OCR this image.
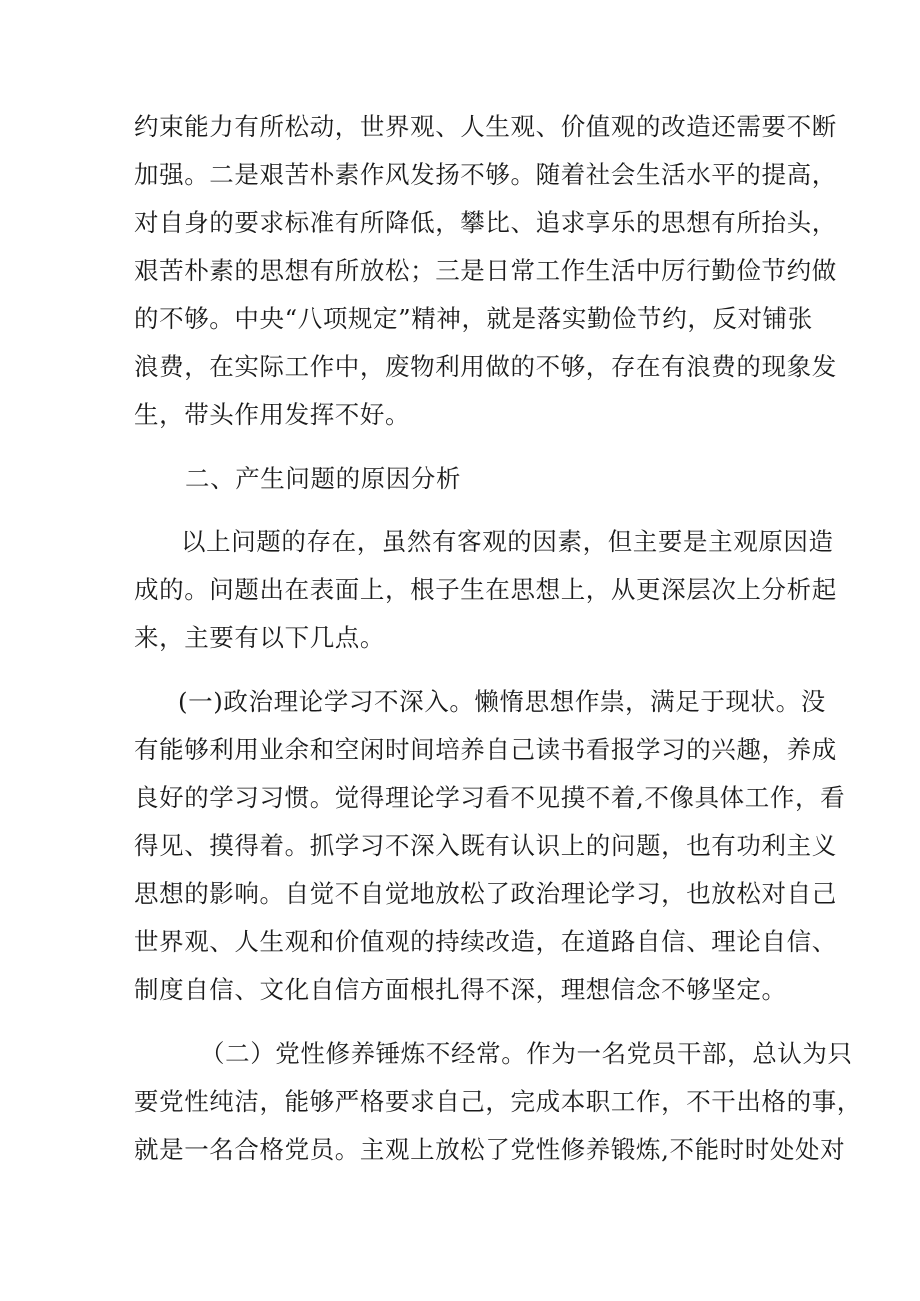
约束能力有所松动，世界观、人生观、价值观的改造还需要不断
加强。二是艰苦朴素作风发扬不够。随着社会生活水平的提高，
对自身的要求标准有所降低，攀比、追求享乐的思想有所抬头，
艰苦朴素的思想有所放松；三是日常工作生活中厉行勤俭节约做
的不够。中央“八项规定”精神，就是落实勤俭节约，反对铺张
浪费，在实际工作中，废物利用做的不够，存在有浪费的现象发
生，带头作用发挥不好。
二、产生问题的原因分析
以上问题的存在，虽然有客观的因素，但主要是主观原因造
成的。问题出在表面上，根子生在思想上，从更深层次上分析起
来，主要有以下几点。
(一)政治理论学习不深入。懒惰思想作祟，满足于现状。没
有能够利用业余和空闲时间培养自己读书看报学习的兴趣，养成
良好的学习习惯。觉得理论学习看不见摸不着,不像具体工作，看
得见、摸得着。抓学习不深入既有认识上的问题，也有功利主义
思想的影响。自觉不自觉地放松了政治理论学习，也放松对自己
世界观、人生观和价值观的持续改造，在道路自信、理论自信、
制度自信、文化自信方面根扎得不深，理想信念不够坚定。
（二）党性修养锤炼不经常。作为一名党员干部，总认为只
要党性纯洁，能够严格要求自己，完成本职工作，不干出格的事，
就是一名合格党员。主观上放松了党性修养锻炼,不能时时处处对
